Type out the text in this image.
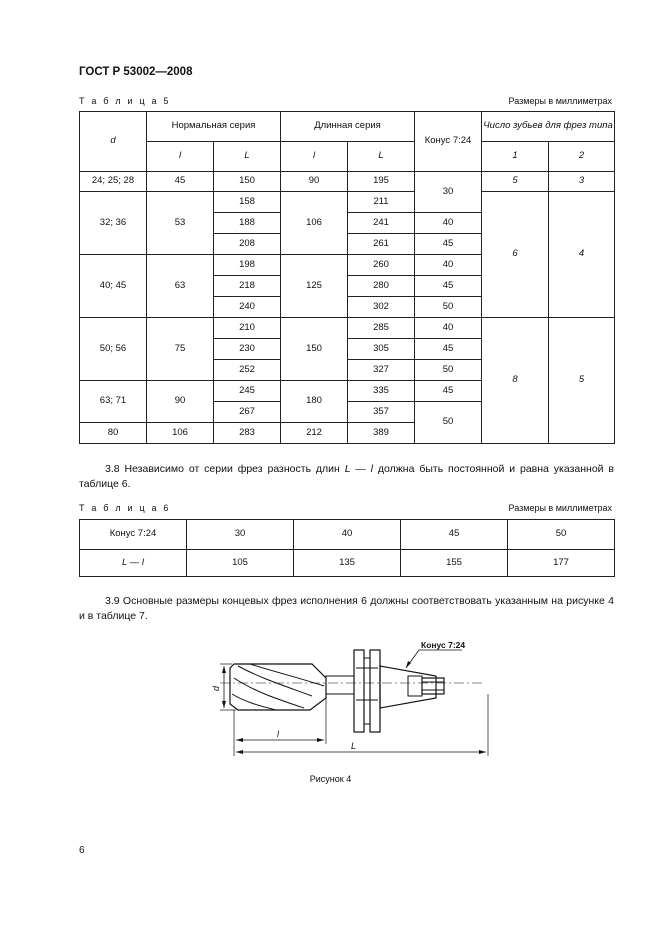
ГОСТ Р 53002—2008
Т а б л и ц а 5	Размеры в миллиметрах
d	Нормальная серия		Длинная серия		Конус 7:24	Число зубьев для фрез типа	
	l	L	l	L		1	2
24; 25; 28	45	150	90	195	30	5	3
32; 36	53	158	106	211		6	4
		188		241	40		
		208		261	45		
40; 45	63	198	125	260	40		
		218		280	45		
		240		302	50		
50; 56	75	210	150	285	40	8	5
		230		305	45		
		252		327	50		
63; 71	90	245	180	335	45		
		267		357	50		
80	106	283	212	389			
3.8 Независимо от серии фрез разность длин L — l должна быть постоянной и равна указанной в таблице 6.
Т а б л и ц а 6	Размеры в миллиметрах
Конус 7:24	30	40	45	50
L — l	105	135	155	177
3.9 Основные размеры концевых фрез исполнения 6 должны соответствовать указанным на рисунке 4 и в таблице 7.
Конус 7:24
d
l
L
Рисунок 4
6
